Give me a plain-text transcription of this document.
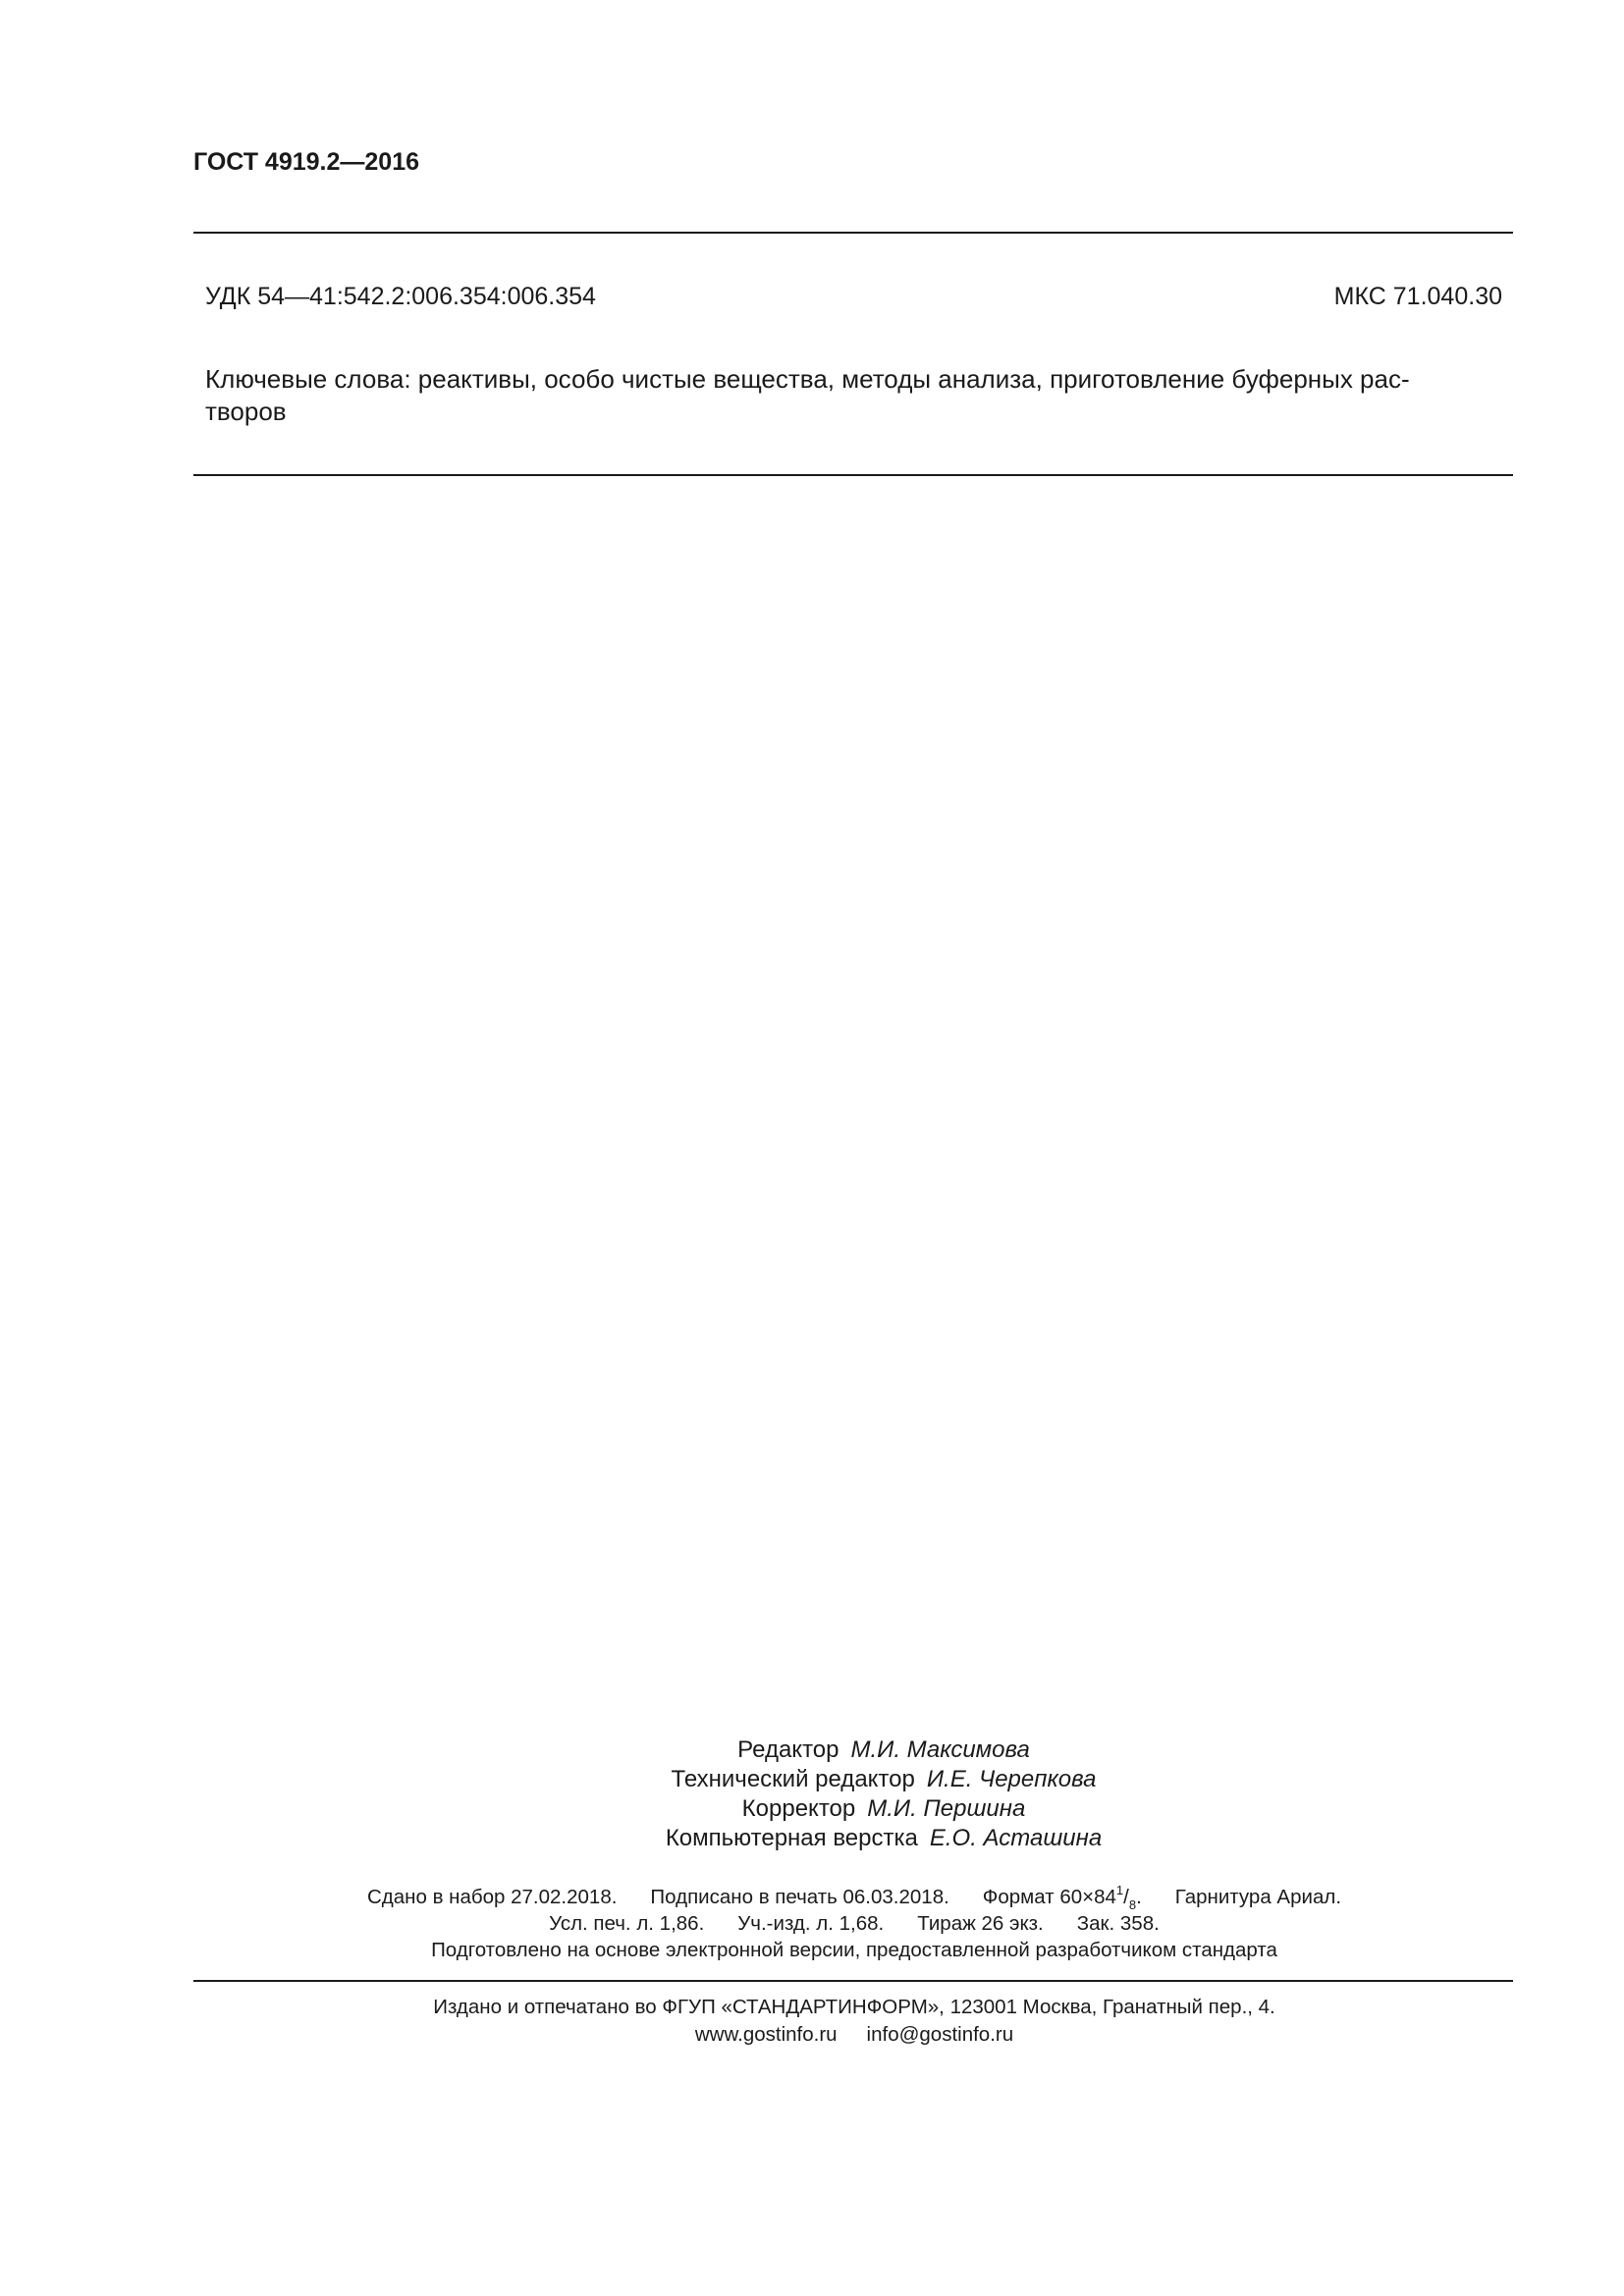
ГОСТ 4919.2—2016
УДК 54—41:542.2:006.354:006.354	МКС 71.040.30
Ключевые слова: реактивы, особо чистые вещества, методы анализа, приготовление буферных рас-
творов
Редактор М.И. Максимова
Технический редактор И.Е. Черепкова
Корректор М.И. Першина
Компьютерная верстка Е.О. Асташина
Сдано в набор 27.02.2018. Подписано в печать 06.03.2018. Формат $60\times 84^1/_8$. Гарнитура Ариал.
Усл. печ. л. 1,86. Уч.-изд. л. 1,68. Тираж 26 экз. Зак. 358.
Подготовлено на основе электронной версии, предоставленной разработчиком стандарта
Издано и отпечатано во ФГУП «СТАНДАРТИНФОРМ», 123001 Москва, Гранатный пер., 4.
www.gostinfo.ru info@gostinfo.ru
